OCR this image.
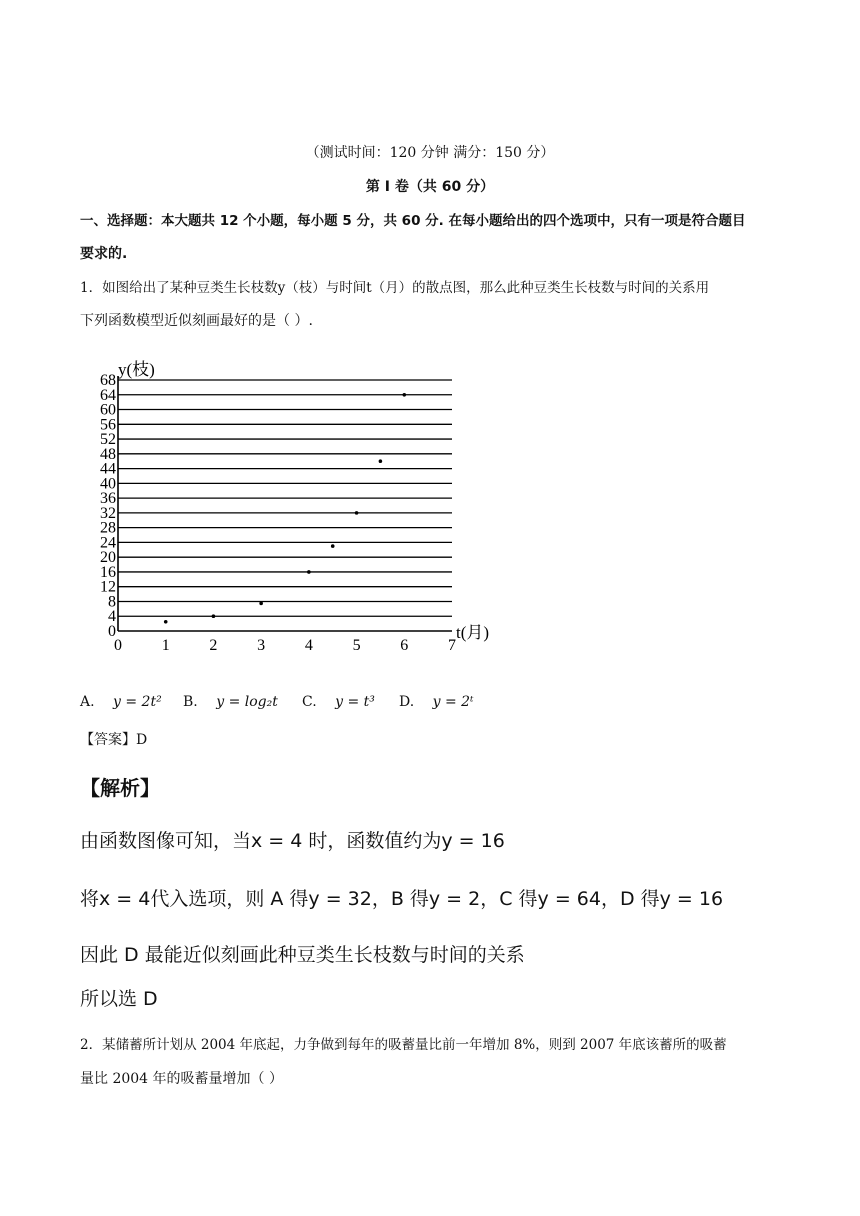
（测试时间：120 分钟 满分：150 分）
第 I 卷（共 60 分）
一、选择题：本大题共 12 个小题，每小题 5 分，共 60 分. 在每小题给出的四个选项中，只有一项是符合题目
要求的.
1．如图给出了某种豆类生长枝数y（枝）与时间t（月）的散点图，那么此种豆类生长枝数与时间的关系用
下列函数模型近似刻画最好的是（ ）.
0
4
8
12
16
20
24
28
32
36
40
44
48
52
56
60
64
68
0 1 2 3 4 5 6 7
y(枝)
t(月)
A. y = 2t² B. y = log₂t C. y = t³ D. y = 2ᵗ
【答案】D
【解析】
由函数图像可知，当x = 4 时，函数值约为y = 16
将x = 4代入选项，则 A 得y = 32，B 得y = 2，C 得y = 64，D 得y = 16
因此 D 最能近似刻画此种豆类生长枝数与时间的关系
所以选 D
2．某储蓄所计划从 2004 年底起，力争做到每年的吸蓄量比前一年增加 8%，则到 2007 年底该蓄所的吸蓄
量比 2004 年的吸蓄量增加（ ）
